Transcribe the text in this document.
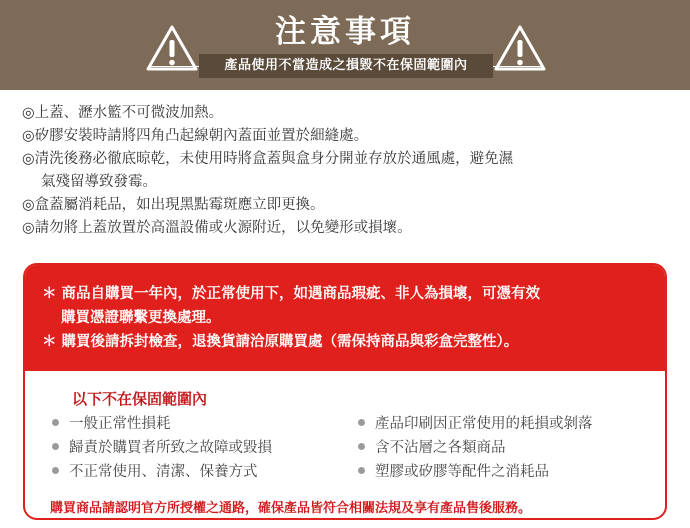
注意事項
產品使用不當造成之損毀不在保固範圍內
◎上蓋、瀝水籃不可微波加熱。
◎矽膠安裝時請將四角凸起線朝內蓋面並置於細縫處。
◎清洗後務必徹底晾乾，未使用時將盒蓋與盒身分開並存放於通風處，避免濕
氣殘留導致發霉。
◎盒蓋屬消耗品，如出現黑點霉斑應立即更換。
◎請勿將上蓋放置於高溫設備或火源附近，以免變形或損壞。
＊ 商品自購買一年內，於正常使用下，如遇商品瑕疵、非人為損壞，可憑有效
購買憑證聯繫更換處理。
＊ 購買後請拆封檢查，退換貨請洽原購買處（需保持商品與彩盒完整性）。
以下不在保固範圍內
一般正常性損耗
歸責於購買者所致之故障或毀損
不正常使用、清潔、保養方式
產品印刷因正常使用的耗損或剝落
含不沾層之各類商品
塑膠或矽膠等配件之消耗品
購買商品請認明官方所授權之通路，確保產品皆符合相關法規及享有產品售後服務。
